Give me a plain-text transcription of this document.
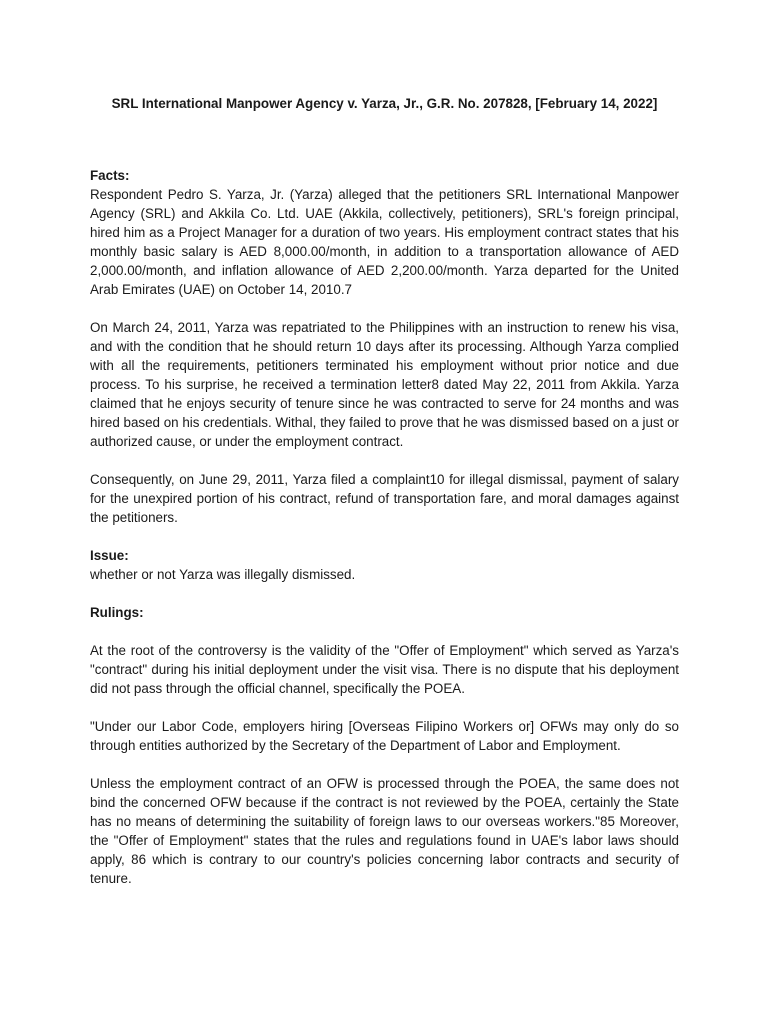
SRL International Manpower Agency v. Yarza, Jr., G.R. No. 207828, [February 14, 2022]
Facts:

Respondent Pedro S. Yarza, Jr. (Yarza) alleged that the petitioners SRL International Manpower Agency (SRL) and Akkila Co. Ltd. UAE (Akkila, collectively, petitioners), SRL's foreign principal, hired him as a Project Manager for a duration of two years. His employment contract states that his monthly basic salary is AED 8,000.00/month, in addition to a transportation allowance of AED 2,000.00/month, and inflation allowance of AED 2,200.00/month. Yarza departed for the United Arab Emirates (UAE) on October 14, 2010.7

On March 24, 2011, Yarza was repatriated to the Philippines with an instruction to renew his visa, and with the condition that he should return 10 days after its processing. Although Yarza complied with all the requirements, petitioners terminated his employment without prior notice and due process. To his surprise, he received a termination letter8 dated May 22, 2011 from Akkila. Yarza claimed that he enjoys security of tenure since he was contracted to serve for 24 months and was hired based on his credentials. Withal, they failed to prove that he was dismissed based on a just or authorized cause, or under the employment contract.

Consequently, on June 29, 2011, Yarza filed a complaint10 for illegal dismissal, payment of salary for the unexpired portion of his contract, refund of transportation fare, and moral damages against the petitioners.

Issue:

whether or not Yarza was illegally dismissed.

Rulings:

At the root of the controversy is the validity of the "Offer of Employment" which served as Yarza's "contract" during his initial deployment under the visit visa. There is no dispute that his deployment did not pass through the official channel, specifically the POEA.

"Under our Labor Code, employers hiring [Overseas Filipino Workers or] OFWs may only do so through entities authorized by the Secretary of the Department of Labor and Employment.

Unless the employment contract of an OFW is processed through the POEA, the same does not bind the concerned OFW because if the contract is not reviewed by the POEA, certainly the State has no means of determining the suitability of foreign laws to our overseas workers."85 Moreover, the "Offer of Employment" states that the rules and regulations found in UAE's labor laws should apply, 86 which is contrary to our country's policies concerning labor contracts and security of tenure.
